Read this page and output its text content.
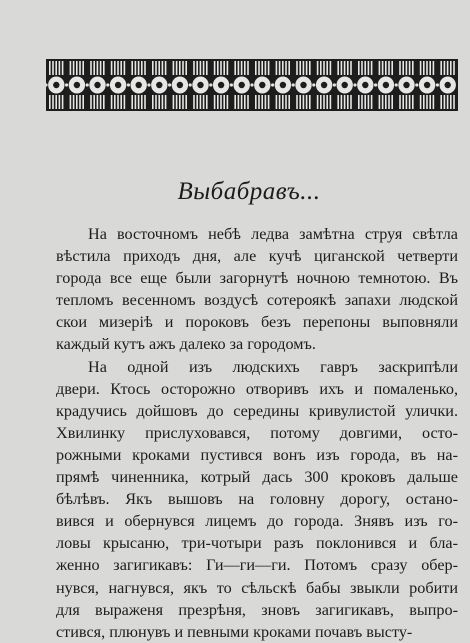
Выбабравъ...
На восточномъ небѣ ледва замѣтна струя свѣтла
вѣстила приходъ дня, але кучѣ циганской четверти
города все еще были загорнутѣ ночною темнотою. Въ
тепломъ весенномъ воздусѣ сотероякѣ запахи людской
скои мизерiѣ и пороковъ безъ перепоны выповняли
каждый кутъ ажъ далеко за городомъ.
На одной изъ людскихъ гавръ заскрипѣли
двери. Ктось осторожно отворивъ ихъ и помаленько,
крадучись дойшовъ до середины кривулистой улички.
Хвилинку прислуховався, потому довгими, осто-
рожными кроками пустився вонъ изъ города, въ на-
прямѣ чиненника, котрый дась 300 кроковъ дальше
бѣлѣвъ. Якъ вышовъ на головну дорогу, остано-
вився и обернувся лицемъ до города. Знявъ изъ го-
ловы крысаню, три-чотыри разъ поклонився и бла-
женно загигикавъ: Ги—ги—ги. Потомъ сразу обер-
нувся, нагнувся, якъ то сѣльскѣ бабы звыкли робити
для выраженя презрѣня, зновъ загигикавъ, выпро-
стився, плюнувъ и певными кроками почавъ высту-
